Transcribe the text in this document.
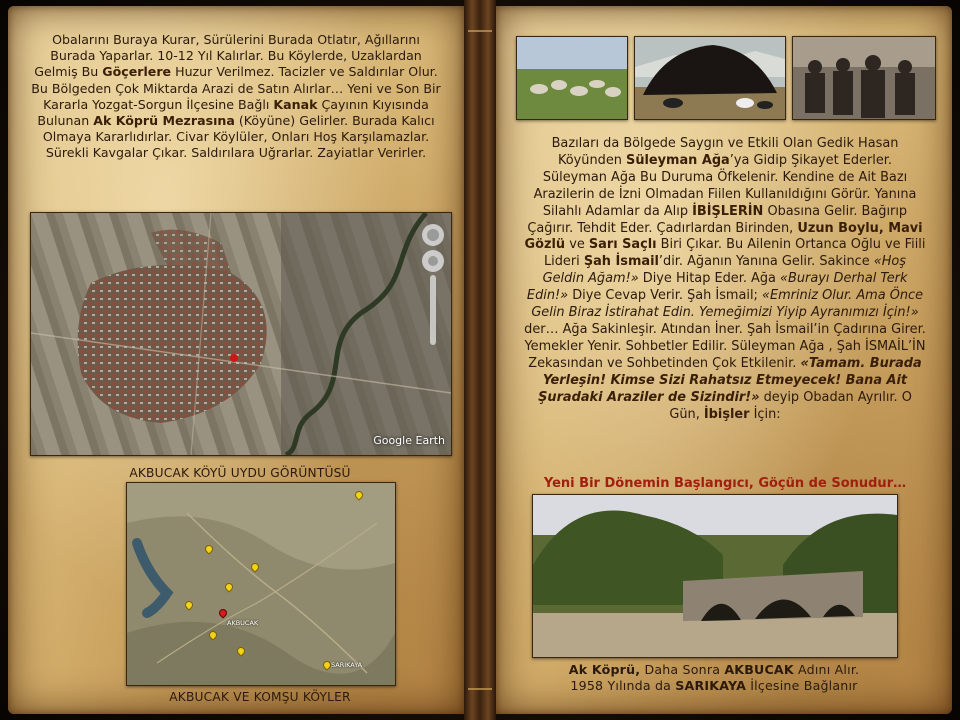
Obalarını Buraya Kurar, Sürülerini Burada Otlatır, Ağıllarını Burada Yaparlar. 10-12 Yıl Kalırlar. Bu Köylerde, Uzaklardan Gelmiş Bu Göçerlere Huzur Verilmez. Tacizler ve Saldırılar Olur. Bu Bölgeden Çok Miktarda Arazi de Satın Alırlar… Yeni ve Son Bir Kararla Yozgat-Sorgun İlçesine Bağlı Kanak Çayının Kıyısında Bulunan Ak Köprü Mezrasına (Köyüne) Gelirler. Burada Kalıcı Olmaya Kararlıdırlar. Civar Köylüler, Onları Hoş Karşılamazlar. Sürekli Kavgalar Çıkar. Saldırılara Uğrarlar. Zayiatlar Verirler.
Google Earth
AKBUCAK KÖYÜ UYDU GÖRÜNTÜSÜ
AKBUCAK
SARIKAYA
AKBUCAK VE KOMŞU KÖYLER
Bazıları da Bölgede Saygın ve Etkili Olan Gedik Hasan Köyünden Süleyman Ağa’ya Gidip Şikayet Ederler. Süleyman Ağa Bu Duruma Öfkelenir. Kendine de Ait Bazı Arazilerin de İzni Olmadan Fiilen Kullanıldığını Görür. Yanına Silahlı Adamlar da Alıp İBİŞLERİN Obasına Gelir. Bağırıp Çağırır. Tehdit Eder. Çadırlardan Birinden, Uzun Boylu, Mavi Gözlü ve Sarı Saçlı Biri Çıkar. Bu Ailenin Ortanca Oğlu ve Fiili Lideri Şah İsmail’dir. Ağanın Yanına Gelir. Sakince «Hoş Geldin Ağam!» Diye Hitap Eder. Ağa «Burayı Derhal Terk Edin!» Diye Cevap Verir. Şah İsmail; «Emriniz Olur. Ama Önce Gelin Biraz İstirahat Edin. Yemeğimizi Yiyip Ayranımızı İçin!» der… Ağa Sakinleşir. Atından İner. Şah İsmail’in Çadırına Girer. Yemekler Yenir. Sohbetler Edilir. Süleyman Ağa , Şah İSMAİL’İN Zekasından ve Sohbetinden Çok Etkilenir. «Tamam. Burada Yerleşin! Kimse Sizi Rahatsız Etmeyecek! Bana Ait Şuradaki Araziler de Sizindir!» deyip Obadan Ayrılır. O Gün, İbişler İçin:
Yeni Bir Dönemin Başlangıcı, Göçün de Sonudur…
Ak Köprü, Daha Sonra AKBUCAK Adını Alır.
1958 Yılında da SARIKAYA İlçesine Bağlanır
